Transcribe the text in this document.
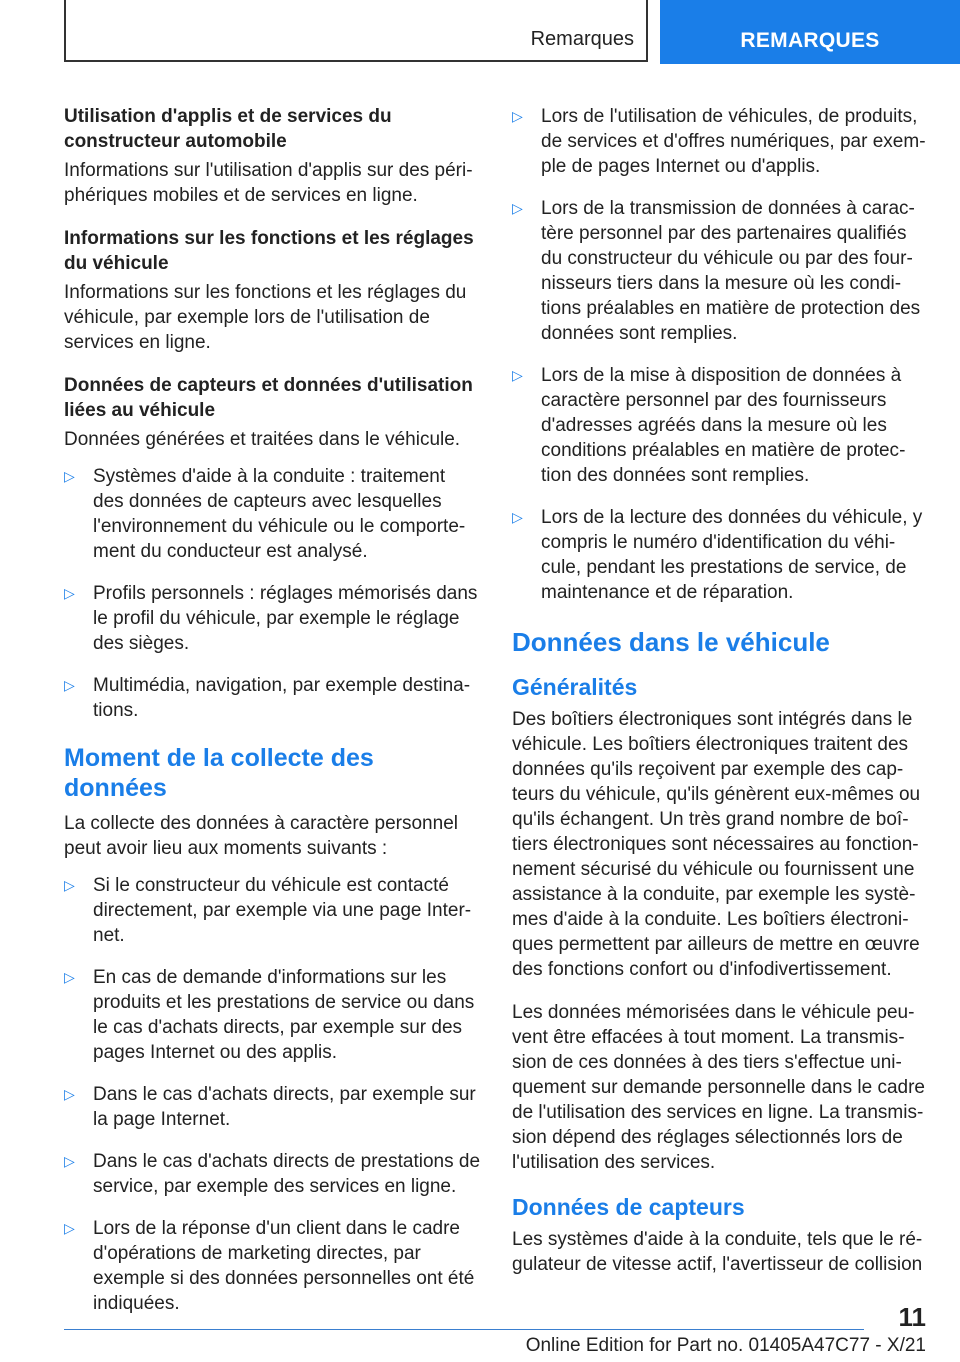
Remarques	REMARQUES
Utilisation d'applis et de services du constructeur automobile

Informations sur l'utilisation d'applis sur des périphériques mobiles et de services en ligne.

Informations sur les fonctions et les réglages du véhicule

Informations sur les fonctions et les réglages du véhicule, par exemple lors de l'utilisation de services en ligne.

Données de capteurs et données d'utilisation liées au véhicule

Données générées et traitées dans le véhicule.

▷ Systèmes d'aide à la conduite : traitement des données de capteurs avec lesquelles l'environnement du véhicule ou le comportement du conducteur est analysé.
▷ Profils personnels : réglages mémorisés dans le profil du véhicule, par exemple le réglage des sièges.
▷ Multimédia, navigation, par exemple destinations.
Moment de la collecte des données

La collecte des données à caractère personnel peut avoir lieu aux moments suivants :

▷ Si le constructeur du véhicule est contacté directement, par exemple via une page Internet.
▷ En cas de demande d'informations sur les produits et les prestations de service ou dans le cas d'achats directs, par exemple sur des pages Internet ou des applis.
▷ Dans le cas d'achats directs, par exemple sur la page Internet.
▷ Dans le cas d'achats directs de prestations de service, par exemple des services en ligne.
▷ Lors de la réponse d'un client dans le cadre d'opérations de marketing directes, par exemple si des données personnelles ont été indiquées.
▷ Lors de l'utilisation de véhicules, de produits, de services et d'offres numériques, par exemple de pages Internet ou d'applis.
▷ Lors de la transmission de données à caractère personnel par des partenaires qualifiés du constructeur du véhicule ou par des fournisseurs tiers dans la mesure où les conditions préalables en matière de protection des données sont remplies.
▷ Lors de la mise à disposition de données à caractère personnel par des fournisseurs d'adresses agréés dans la mesure où les conditions préalables en matière de protection des données sont remplies.
▷ Lors de la lecture des données du véhicule, y compris le numéro d'identification du véhicule, pendant les prestations de service, de maintenance et de réparation.
Données dans le véhicule
Généralités

Des boîtiers électroniques sont intégrés dans le véhicule. Les boîtiers électroniques traitent des données qu'ils reçoivent par exemple des capteurs du véhicule, qu'ils génèrent eux-mêmes ou qu'ils échangent. Un très grand nombre de boîtiers électroniques sont nécessaires au fonctionnement sécurisé du véhicule ou fournissent une assistance à la conduite, par exemple les systèmes d'aide à la conduite. Les boîtiers électroniques permettent par ailleurs de mettre en œuvre des fonctions confort ou d'infodivertissement.

Les données mémorisées dans le véhicule peuvent être effacées à tout moment. La transmission de ces données à des tiers s'effectue uniquement sur demande personnelle dans le cadre de l'utilisation des services en ligne. La transmission dépend des réglages sélectionnés lors de l'utilisation des services.

Données de capteurs

Les systèmes d'aide à la conduite, tels que le régulateur de vitesse actif, l'avertisseur de collision

11
Online Edition for Part no. 01405A47C77 - X/21
